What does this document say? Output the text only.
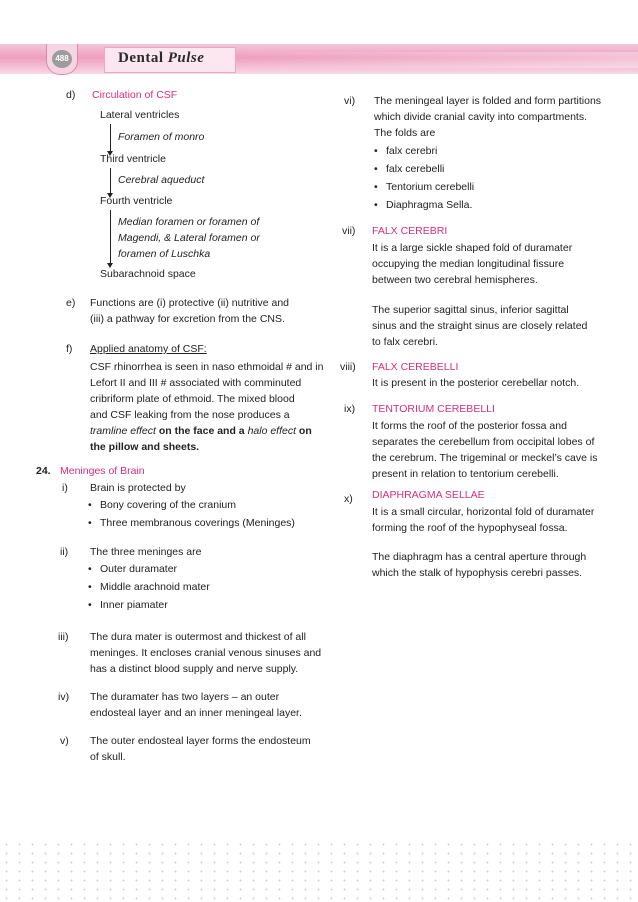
488	Dental Pulse
d) Circulation of CSF
Lateral ventricles
Foramen of monro
Third ventricle
Cerebral aqueduct
Fourth ventricle
Median foramen or foramen of
Magendi, & Lateral foramen or
foramen of Luschka
Subarachnoid space
e) Functions are (i) protective (ii) nutritive and
(iii) a pathway for excretion from the CNS.
f) Applied anatomy of CSF:
CSF rhinorrhea is seen in naso ethmoidal # and in
Lefort II and III # associated with comminuted
cribriform plate of ethmoid. The mixed blood
and CSF leaking from the nose produces a
tramline effect on the face and a halo effect on
the pillow and sheets.
24. Meninges of Brain
i) Brain is protected by
• Bony covering of the cranium
• Three membranous coverings (Meninges)
ii) The three meninges are
• Outer duramater
• Middle arachnoid mater
• Inner piamater
iii) The dura mater is outermost and thickest of all
meninges. It encloses cranial venous sinuses and
has a distinct blood supply and nerve supply.
iv) The duramater has two layers – an outer
endosteal layer and an inner meningeal layer.
v) The outer endosteal layer forms the endosteum
of skull.
vi) The meningeal layer is folded and form partitions
which divide cranial cavity into compartments.
The folds are
• falx cerebri
• falx cerebelli
• Tentorium cerebelli
• Diaphragma Sella.
vii) FALX CEREBRI
It is a large sickle shaped fold of duramater
occupying the median longitudinal fissure
between two cerebral hemispheres.
The superior sagittal sinus, inferior sagittal
sinus and the straight sinus are closely related
to falx cerebri.
viii) FALX CEREBELLI
It is present in the posterior cerebellar notch.
ix) TENTORIUM CEREBELLI
It forms the roof of the posterior fossa and
separates the cerebellum from occipital lobes of
the cerebrum. The trigeminal or meckel’s cave is
present in relation to tentorium cerebelli.
x) DIAPHRAGMA SELLAE
It is a small circular, horizontal fold of duramater
forming the roof of the hypophyseal fossa.
The diaphragm has a central aperture through
which the stalk of hypophysis cerebri passes.
